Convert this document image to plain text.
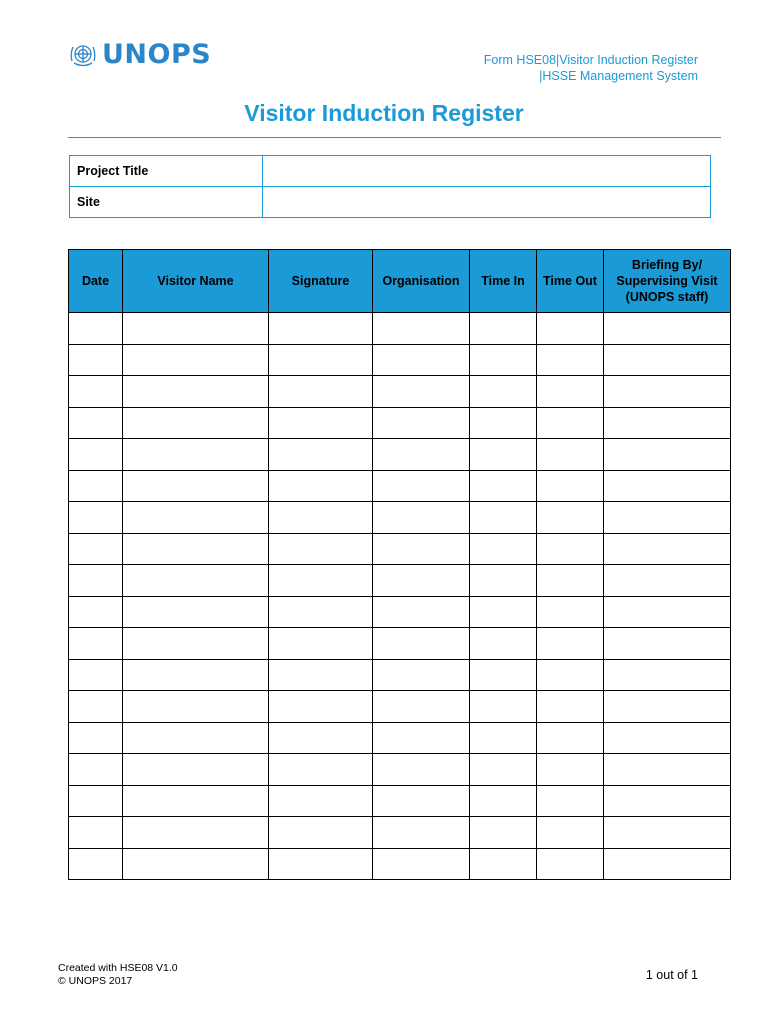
UNOPS	Form HSE08|Visitor Induction Register
|HSSE Management System
Visitor Induction Register
Project Title	
Site	
Date	Visitor Name	Signature	Organisation	Time In	Time Out	Briefing By/ Supervising Visit (UNOPS staff)

Created with HSE08 V1.0
© UNOPS 2017	1 out of 1
